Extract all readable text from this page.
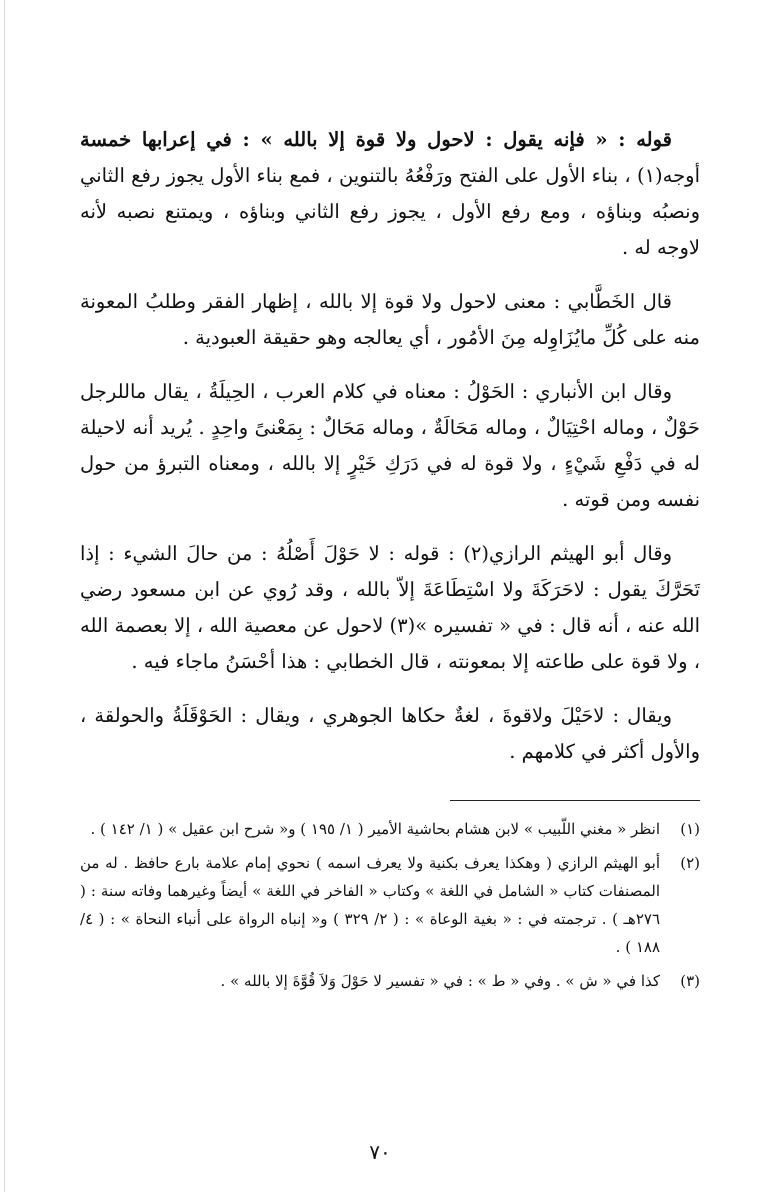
قوله : « فإنه يقول : لاحول ولا قوة إلا بالله » : في إعرابها خمسة أوجه(١) ، بناء الأول على الفتح ورَفْعُهُ بالتنوين ، فمع بناء الأول يجوز رفع الثاني ونصبُه وبناؤه ، ومع رفع الأول ، يجوز رفع الثاني وبناؤه ، ويمتنع نصبه لأنه لاوجه له .

قال الخَطَّابي : معنى لاحول ولا قوة إلا بالله ، إظهار الفقر وطلبُ المعونة منه على كُلِّ مايُزَاوِله مِنَ الأمُور ، أي يعالجه وهو حقيقة العبودية .

وقال ابن الأنباري : الحَوْلُ : معناه في كلام العرب ، الحِيلَةُ ، يقال ماللرجل حَوْلٌ ، وماله احْتِيَالٌ ، وماله مَحَالَةٌ ، وماله مَحَالٌ : بِمَعْنىً واحِدٍ . يُريد أنه لاحيلة له في دَفْعِ شَيْءٍ ، ولا قوة له في دَرَكِ خَيْرٍ إلا بالله ، ومعناه التبرؤ من حول نفسه ومن قوته .

وقال أبو الهيثم الرازي(٢) : قوله : لا حَوْلَ أَصْلُهُ : من حالَ الشيء : إذا تَحَرَّكَ يقول : لاحَرَكَةَ ولا اسْتِطَاعَةَ إلاّ بالله ، وقد رُوي عن ابن مسعود رضي الله عنه ، أنه قال : في « تفسيره »(٣) لاحول عن معصية الله ، إلا بعصمة الله ، ولا قوة على طاعته إلا بمعونته ، قال الخطابي : هذا أحْسَنُ ماجاء فيه .

ويقال : لاحَيْلَ ولاقوةَ ، لغةٌ حكاها الجوهري ، ويقال : الحَوْقَلَةُ والحولقة ، والأول أكثر في كلامهم .

(١)
انظر « مغني اللّبيب » لابن هشام بحاشية الأمير ( ١/ ١٩٥ ) و« شرح ابن عقيل » ( ١/ ١٤٢ ) .
(٢)
أبو الهيثم الرازي ( وهكذا يعرف بكنية ولا يعرف اسمه ) نحوي إمام علامة بارع حافظ . له من المصنفات كتاب « الشامل في اللغة » وكتاب « الفاخر في اللغة » أيضاً وغيرهما وفاته سنة : ( ٢٧٦هـ ) . ترجمته في : « بغية الوعاة » : ( ٢/ ٣٢٩ ) و« إنباه الرواة على أنباء النحاة » : ( ٤/ ١٨٨ ) .
(٣)
كذا في « ش » . وفي « ط » : في « تفسير لا حَوْلَ وَلاَ قُوَّةَ إلا بالله » .
٧٠
